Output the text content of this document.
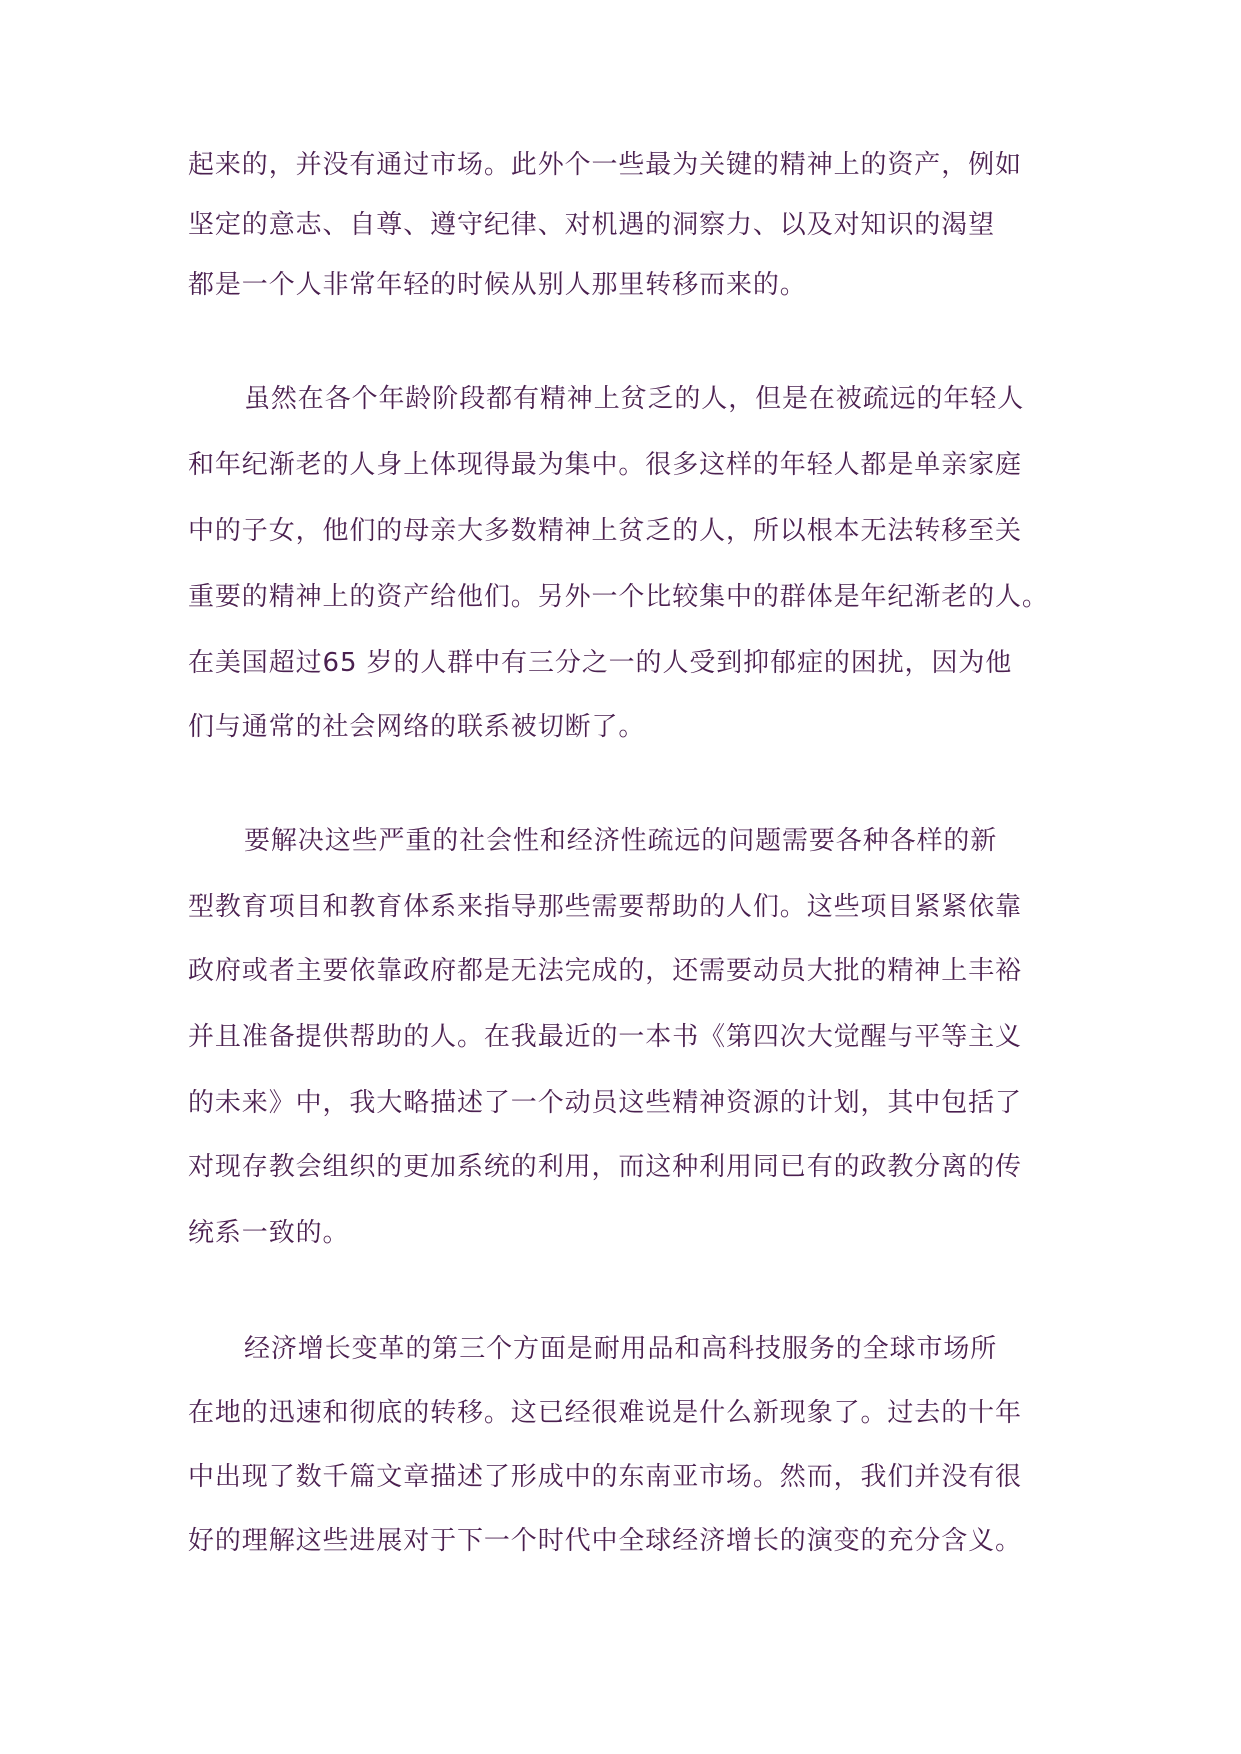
起来的，并没有通过市场。此外个一些最为关键的精神上的资产，例如
坚定的意志、自尊、遵守纪律、对机遇的洞察力、以及对知识的渴望
都是一个人非常年轻的时候从别人那里转移而来的。
虽然在各个年龄阶段都有精神上贫乏的人，但是在被疏远的年轻人
和年纪渐老的人身上体现得最为集中。很多这样的年轻人都是单亲家庭
中的子女，他们的母亲大多数精神上贫乏的人，所以根本无法转移至关
重要的精神上的资产给他们。另外一个比较集中的群体是年纪渐老的人。
在美国超过65 岁的人群中有三分之一的人受到抑郁症的困扰，因为他
们与通常的社会网络的联系被切断了。
要解决这些严重的社会性和经济性疏远的问题需要各种各样的新
型教育项目和教育体系来指导那些需要帮助的人们。这些项目紧紧依靠
政府或者主要依靠政府都是无法完成的，还需要动员大批的精神上丰裕
并且准备提供帮助的人。在我最近的一本书《第四次大觉醒与平等主义
的未来》中，我大略描述了一个动员这些精神资源的计划，其中包括了
对现存教会组织的更加系统的利用，而这种利用同已有的政教分离的传
统系一致的。
经济增长变革的第三个方面是耐用品和高科技服务的全球市场所
在地的迅速和彻底的转移。这已经很难说是什么新现象了。过去的十年
中出现了数千篇文章描述了形成中的东南亚市场。然而，我们并没有很
好的理解这些进展对于下一个时代中全球经济增长的演变的充分含义。
